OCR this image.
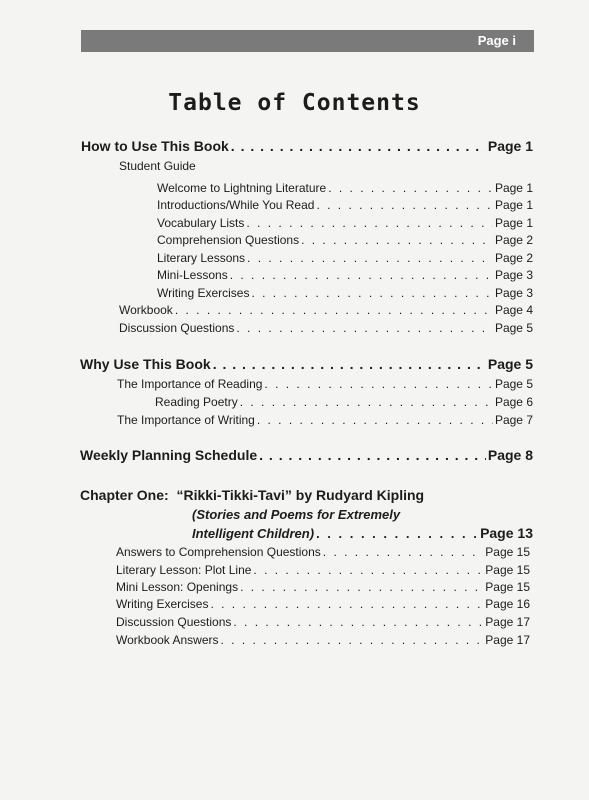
Page i
Table of Contents
How to Use This Book . . .	Page 1
Student Guide
Welcome to Lightning Literature . . .	Page 1
Introductions/While You Read . . .	Page 1
Vocabulary Lists . . .	Page 1
Comprehension Questions . . .	Page 2
Literary Lessons . . .	Page 2
Mini-Lessons . . .	Page 3
Writing Exercises . . .	Page 3
Workbook . . .	Page 4
Discussion Questions . . .	Page 5
Why Use This Book . . .	Page 5
The Importance of Reading . . .	Page 5
Reading Poetry . . .	Page 6
The Importance of Writing . . .	Page 7
Weekly Planning Schedule . . .	Page 8
Chapter One: “Rikki-Tikki-Tavi” by Rudyard Kipling
(Stories and Poems for Extremely
Intelligent Children) . . .	Page 13
Answers to Comprehension Questions . . .	Page 15
Literary Lesson: Plot Line . . .	Page 15
Mini Lesson: Openings . . .	Page 15
Writing Exercises . . .	Page 16
Discussion Questions . . .	Page 17
Workbook Answers . . .	Page 17
